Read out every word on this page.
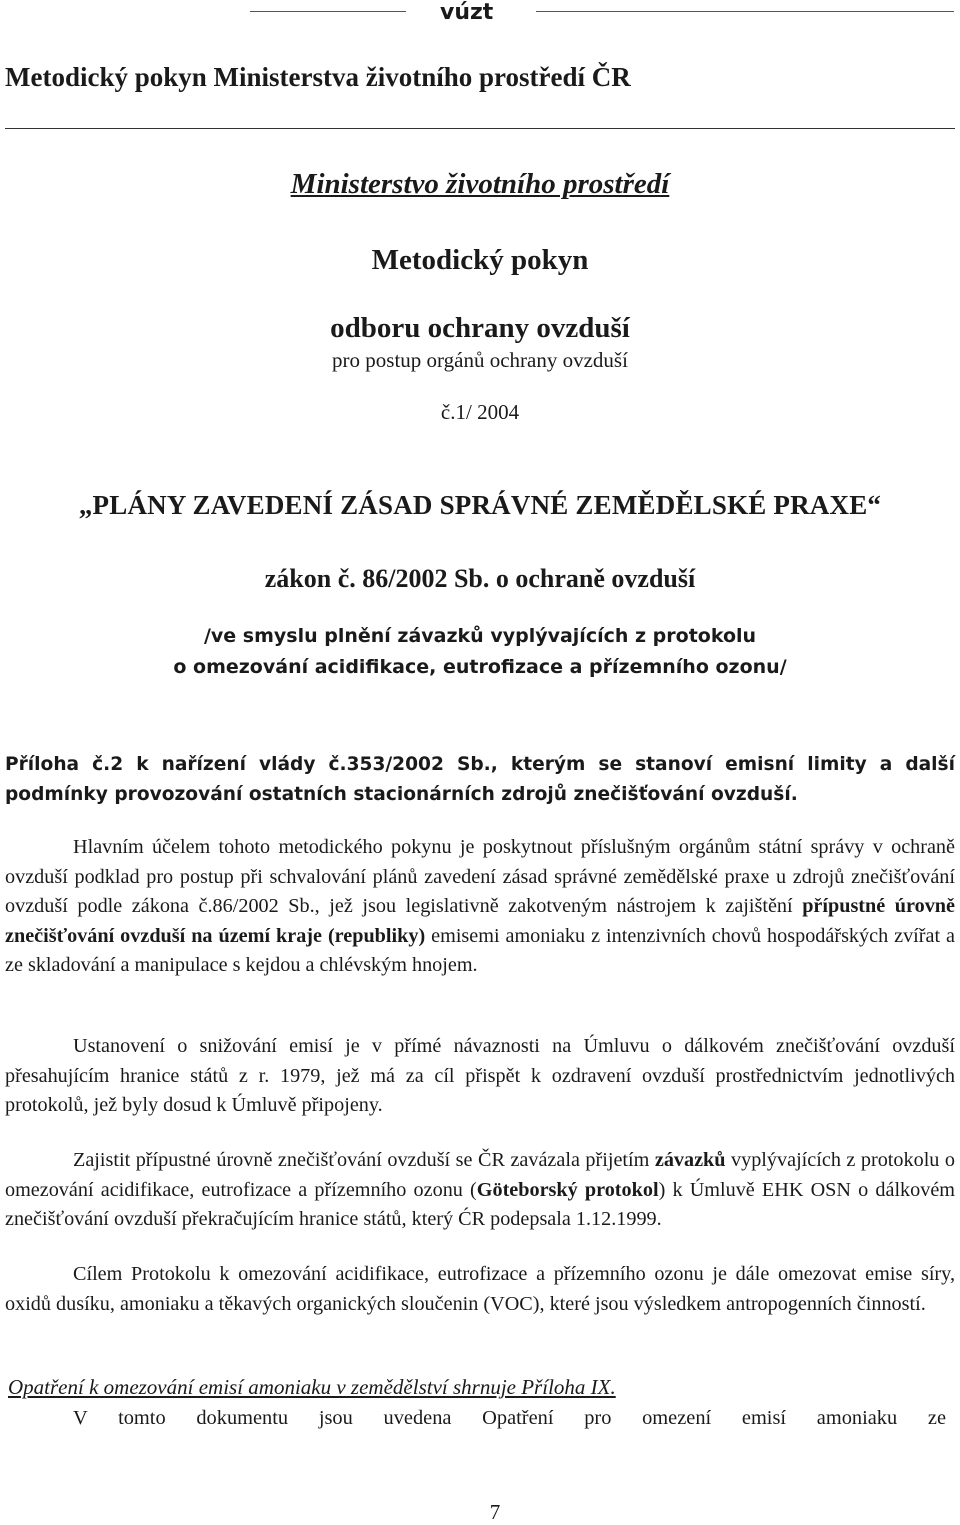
vúzt
Metodický pokyn Ministerstva životního prostředí ČR
Ministerstvo životního prostředí
Metodický pokyn
odboru ochrany ovzduší
pro postup orgánů ochrany ovzduší
č.1/ 2004
„PLÁNY ZAVEDENÍ ZÁSAD SPRÁVNÉ ZEMĚDĚLSKÉ PRAXE“
zákon č. 86/2002 Sb. o ochraně ovzduší
/ve smyslu plnění závazků vyplývajících z protokolu
o omezování acidifikace, eutrofizace a přízemního ozonu/
Příloha č.2 k nařízení vlády č.353/2002 Sb., kterým se stanoví emisní limity a další podmínky provozování ostatních stacionárních zdrojů znečišťování ovzduší.
Hlavním účelem tohoto metodického pokynu je poskytnout příslušným orgánům státní správy v ochraně ovzduší podklad pro postup při schvalování plánů zavedení zásad správné zemědělské praxe u zdrojů znečišťování ovzduší podle zákona č.86/2002 Sb., jež jsou legislativně zakotveným nástrojem k zajištění přípustné úrovně znečišťování ovzduší na území kraje (republiky) emisemi amoniaku z intenzivních chovů hospodářských zvířat a ze skladování a manipulace s kejdou a chlévským hnojem.
Ustanovení o snižování emisí je v přímé návaznosti na Úmluvu o dálkovém znečišťování ovzduší přesahujícím hranice států z r. 1979, jež má za cíl přispět k ozdravení ovzduší prostřednictvím jednotlivých protokolů, jež byly dosud k Úmluvě připojeny.
Zajistit přípustné úrovně znečišťování ovzduší se ČR zavázala přijetím závazků vyplývajících z protokolu o omezování acidifikace, eutrofizace a přízemního ozonu (Göteborský protokol) k Úmluvě EHK OSN o dálkovém znečišťování ovzduší překračujícím hranice států, který ĆR podepsala 1.12.1999.
Cílem Protokolu k omezování acidifikace, eutrofizace a přízemního ozonu je dále omezovat emise síry, oxidů dusíku, amoniaku a těkavých organických sloučenin (VOC), které jsou výsledkem antropogenních činností.
Opatření k omezování emisí amoniaku v zemědělství shrnuje Příloha IX.
V tomto dokumentu jsou uvedena Opatření pro omezení emisí amoniaku ze
7
